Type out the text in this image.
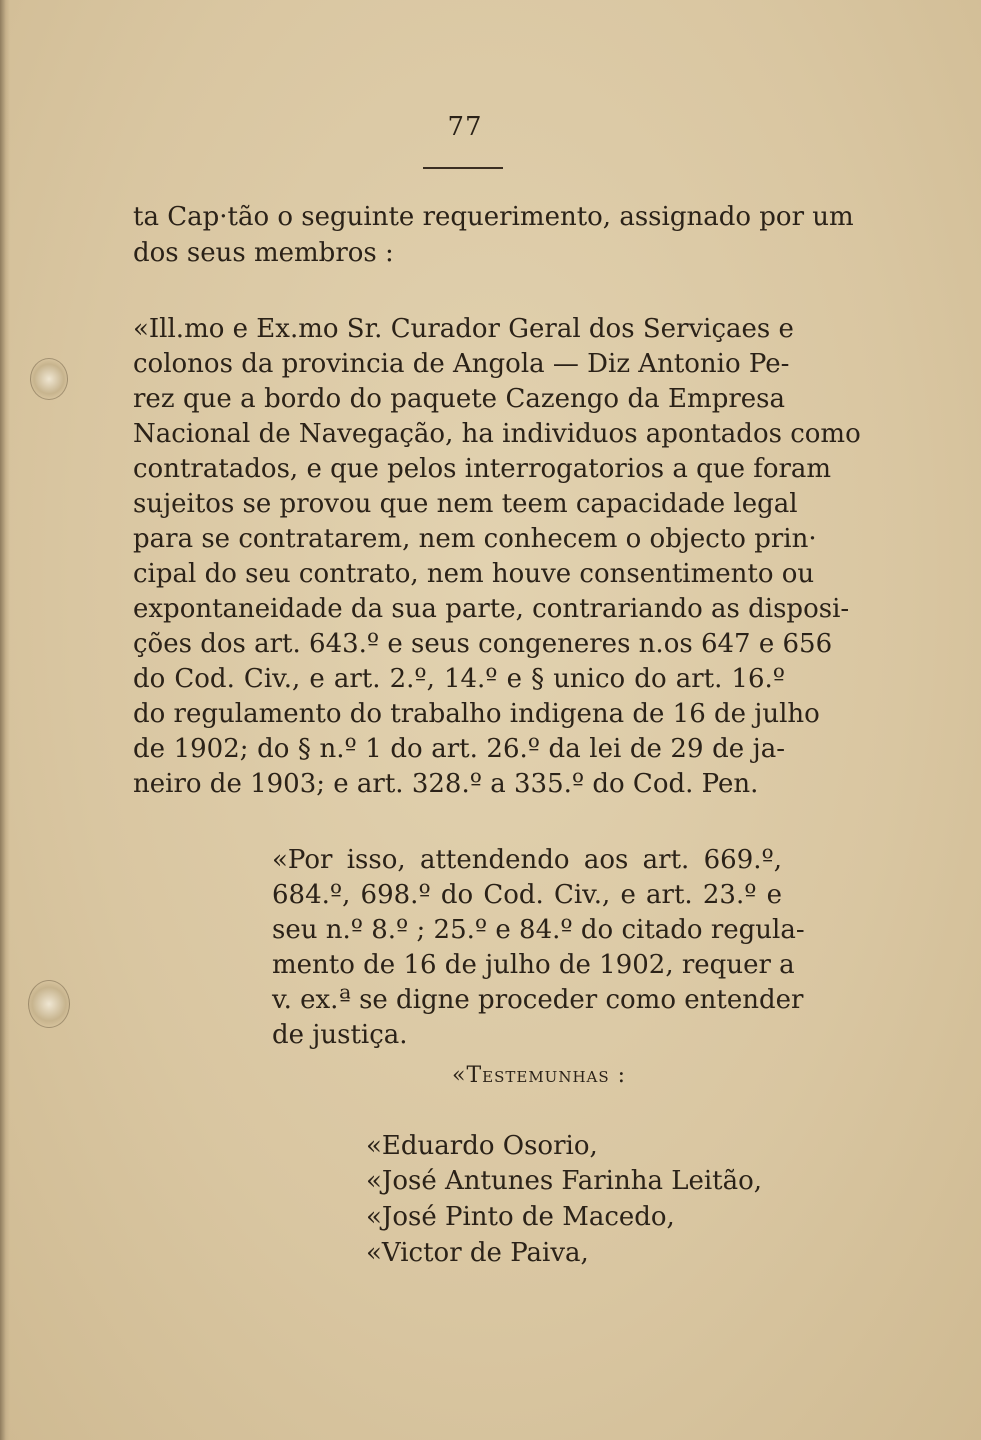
77
ta Cap·tão o seguinte requerimento, assignado por um
dos seus membros :
«Ill.mo e Ex.mo Sr. Curador Geral dos Serviçaes e
colonos da provincia de Angola — Diz Antonio Pe-
rez que a bordo do paquete Cazengo da Empresa
Nacional de Navegação, ha individuos apontados como
contratados, e que pelos interrogatorios a que foram
sujeitos se provou que nem teem capacidade legal
para se contratarem, nem conhecem o objecto prin·
cipal do seu contrato, nem houve consentimento ou
expontaneidade da sua parte, contrariando as disposi-
ções dos art. 643.º e seus congeneres n.os 647 e 656
do Cod. Civ., e art. 2.º, 14.º e § unico do art. 16.º
do regulamento do trabalho indigena de 16 de julho
de 1902; do § n.º 1 do art. 26.º da lei de 29 de ja-
neiro de 1903; e art. 328.º a 335.º do Cod. Pen.
«Por isso, attendendo aos art. 669.º,
684.º, 698.º do Cod. Civ., e art. 23.º e
seu n.º 8.º ; 25.º e 84.º do citado regula-
mento de 16 de julho de 1902, requer a
v. ex.ª se digne proceder como entender
de justiça.
«Testemunhas :
«Eduardo Osorio,
«José Antunes Farinha Leitão,
«José Pinto de Macedo,
«Victor de Paiva,
